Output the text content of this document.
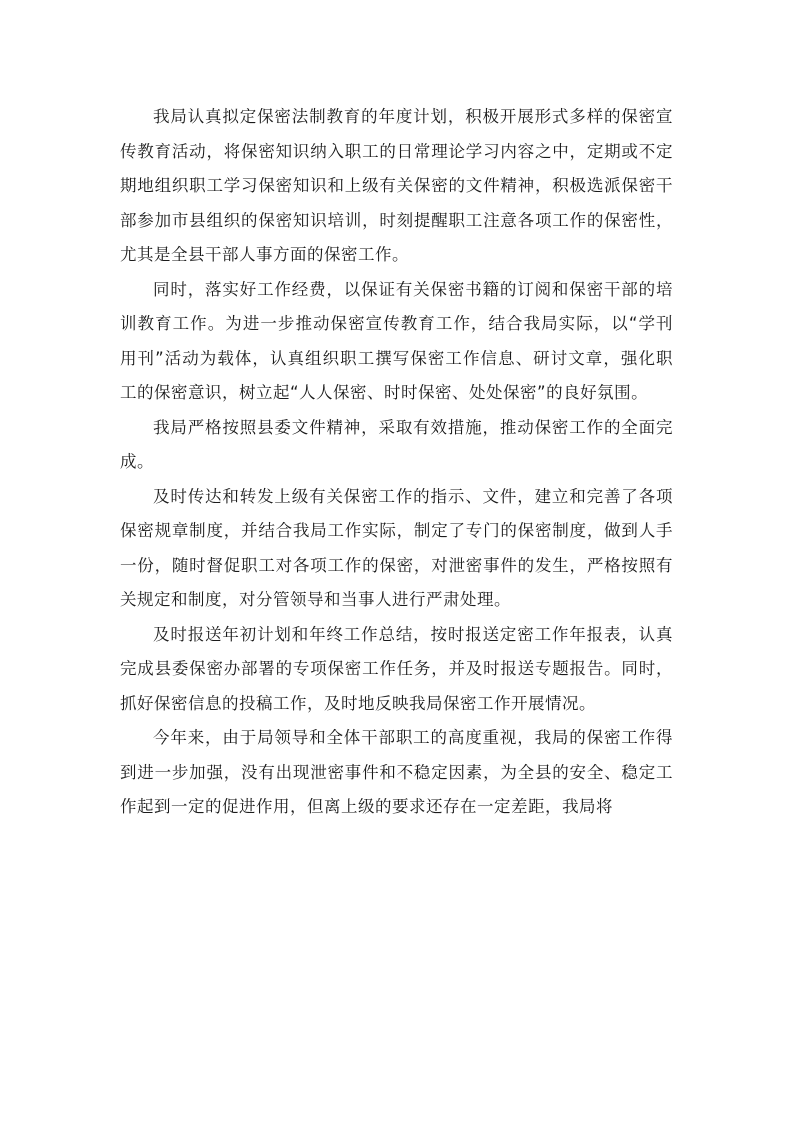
我局认真拟定保密法制教育的年度计划，积极开展形式多样的保密宣传教育活动，将保密知识纳入职工的日常理论学习内容之中，定期或不定期地组织职工学习保密知识和上级有关保密的文件精神，积极选派保密干部参加市县组织的保密知识培训，时刻提醒职工注意各项工作的保密性，尤其是全县干部人事方面的保密工作。

同时，落实好工作经费，以保证有关保密书籍的订阅和保密干部的培训教育工作。为进一步推动保密宣传教育工作，结合我局实际，以“学刊用刊”活动为载体，认真组织职工撰写保密工作信息、研讨文章，强化职工的保密意识，树立起“人人保密、时时保密、处处保密”的良好氛围。

我局严格按照县委文件精神，采取有效措施，推动保密工作的全面完成。

及时传达和转发上级有关保密工作的指示、文件，建立和完善了各项保密规章制度，并结合我局工作实际，制定了专门的保密制度，做到人手一份，随时督促职工对各项工作的保密，对泄密事件的发生，严格按照有关规定和制度，对分管领导和当事人进行严肃处理。

及时报送年初计划和年终工作总结，按时报送定密工作年报表，认真完成县委保密办部署的专项保密工作任务，并及时报送专题报告。同时，抓好保密信息的投稿工作，及时地反映我局保密工作开展情况。

今年来，由于局领导和全体干部职工的高度重视，我局的保密工作得到进一步加强，没有出现泄密事件和不稳定因素，为全县的安全、稳定工作起到一定的促进作用，但离上级的要求还存在一定差距，我局将
